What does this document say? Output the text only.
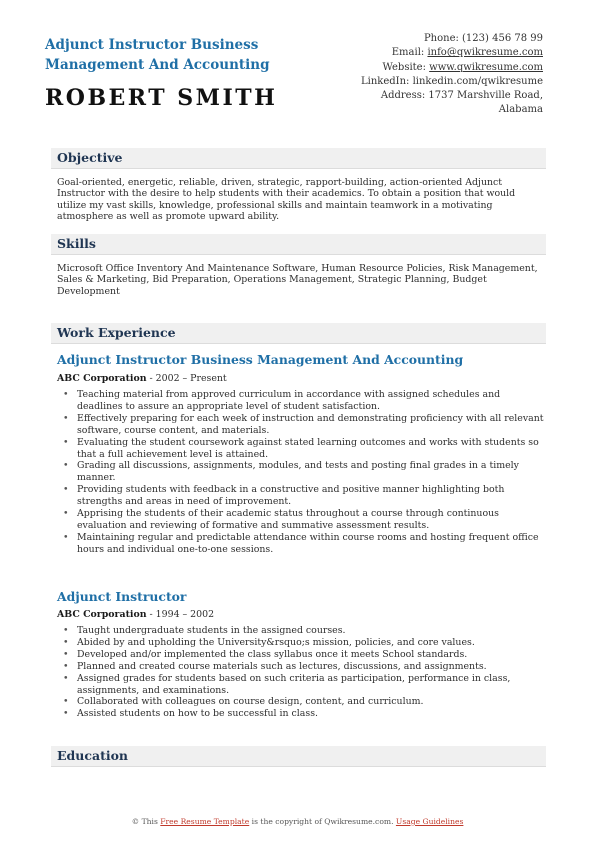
Adjunct Instructor Business Management And Accounting
ROBERT SMITH
Phone: (123) 456 78 99
Email: info@qwikresume.com
Website: www.qwikresume.com
LinkedIn: linkedin.com/qwikresume
Address: 1737 Marshville Road,
Alabama
Objective
Goal-oriented, energetic, reliable, driven, strategic, rapport-building, action-oriented Adjunct Instructor with the desire to help students with their academics. To obtain a position that would utilize my vast skills, knowledge, professional skills and maintain teamwork in a motivating atmosphere as well as promote upward ability.
Skills
Microsoft Office Inventory And Maintenance Software, Human Resource Policies, Risk Management, Sales & Marketing, Bid Preparation, Operations Management, Strategic Planning, Budget Development
Work Experience
Adjunct Instructor Business Management And Accounting
ABC Corporation - 2002 – Present
• Teaching material from approved curriculum in accordance with assigned schedules and deadlines to assure an appropriate level of student satisfaction.
• Effectively preparing for each week of instruction and demonstrating proficiency with all relevant software, course content, and materials.
• Evaluating the student coursework against stated learning outcomes and works with students so that a full achievement level is attained.
• Grading all discussions, assignments, modules, and tests and posting final grades in a timely manner.
• Providing students with feedback in a constructive and positive manner highlighting both strengths and areas in need of improvement.
• Apprising the students of their academic status throughout a course through continuous evaluation and reviewing of formative and summative assessment results.
• Maintaining regular and predictable attendance within course rooms and hosting frequent office hours and individual one-to-one sessions.
Adjunct Instructor
ABC Corporation - 1994 – 2002
• Taught undergraduate students in the assigned courses.
• Abided by and upholding the University&rsquo;s mission, policies, and core values.
• Developed and/or implemented the class syllabus once it meets School standards.
• Planned and created course materials such as lectures, discussions, and assignments.
• Assigned grades for students based on such criteria as participation, performance in class, assignments, and examinations.
• Collaborated with colleagues on course design, content, and curriculum.
• Assisted students on how to be successful in class.
Education
© This Free Resume Template is the copyright of Qwikresume.com. Usage Guidelines
